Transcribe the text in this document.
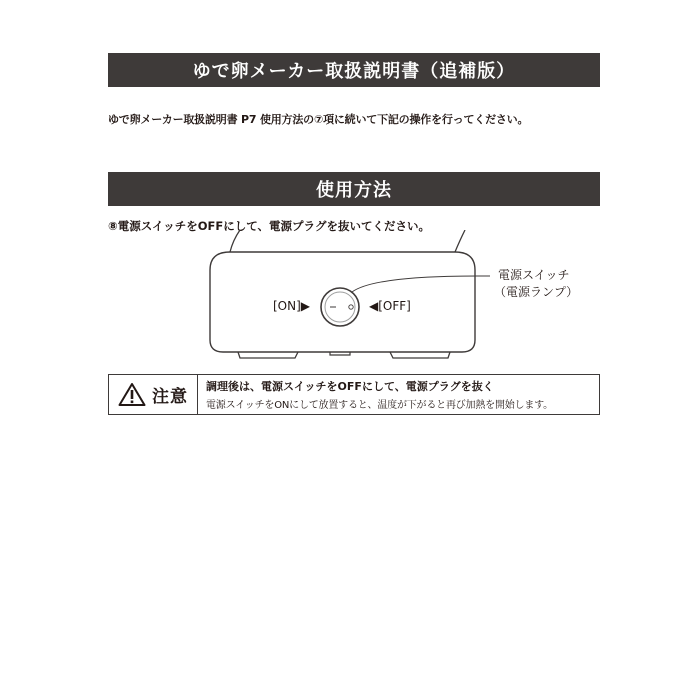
ゆで卵メーカー取扱説明書（追補版）
ゆで卵メーカー取扱説明書 P7 使用方法の⑦項に続いて下記の操作を行ってください。
使用方法
⑧電源スイッチをOFFにして、電源プラグを抜いてください。
[ON]▶	◀[OFF]
電源スイッチ
（電源ランプ）
注意
調理後は、電源スイッチをOFFにして、電源プラグを抜く
電源スイッチをONにして放置すると、温度が下がると再び加熱を開始します。
